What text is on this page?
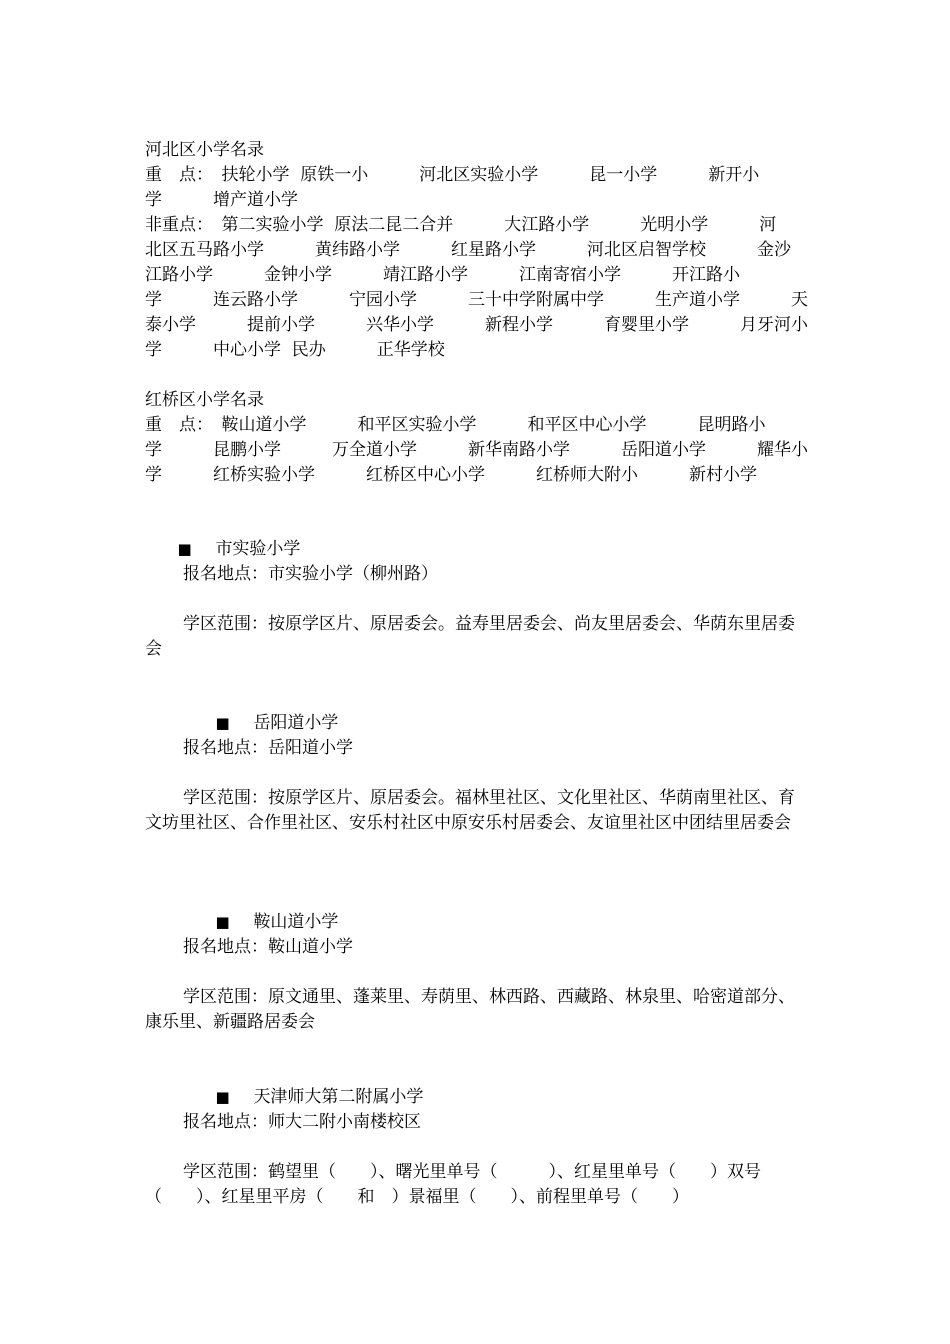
河北区小学名录
重　点：　扶轮小学  原铁一小　　　河北区实验小学　　　昆一小学　　　新开小
学　　　增产道小学
非重点：　第二实验小学  原法二昆二合并　　　大江路小学　　　光明小学　　　河
北区五马路小学　　　黄纬路小学　　　红星路小学　　　河北区启智学校　　　金沙
江路小学　　　金钟小学　　　靖江路小学　　　江南寄宿小学　　　开江路小
学　　　连云路小学　　　宁园小学　　　三十中学附属中学　　　生产道小学　　　天
泰小学　　　提前小学　　　兴华小学　　　新程小学　　　育婴里小学　　　月牙河小
学　　　中心小学  民办　　　正华学校
红桥区小学名录
重　点：　鞍山道小学　　　和平区实验小学　　　和平区中心小学　　　昆明路小
学　　　昆鹏小学　　　万全道小学　　　新华南路小学　　　岳阳道小学　　　耀华小
学　　　红桥实验小学　　　红桥区中心小学　　　红桥师大附小　　　新村小学

■ 市实验小学

报名地点：市实验小学（柳州路）
学区范围：按原学区片、原居委会。益寿里居委会、尚友里居委会、华荫东里居委会

■ 岳阳道小学

报名地点：岳阳道小学
学区范围：按原学区片、原居委会。福林里社区、文化里社区、华荫南里社区、育文坊里社区、合作里社区、安乐村社区中原安乐村居委会、友谊里社区中团结里居委会

■ 鞍山道小学

报名地点：鞍山道小学
学区范围：原文通里、蓬莱里、寿荫里、林西路、西藏路、林泉里、哈密道部分、康乐里、新疆路居委会

■ 天津师大第二附属小学

报名地点：师大二附小南楼校区
学区范围：鹤望里（　　）、曙光里单号（　　　）、红星里单号（　　）双号（　　）、红星里平房（　　和　）景福里（　　）、前程里单号（　　）
